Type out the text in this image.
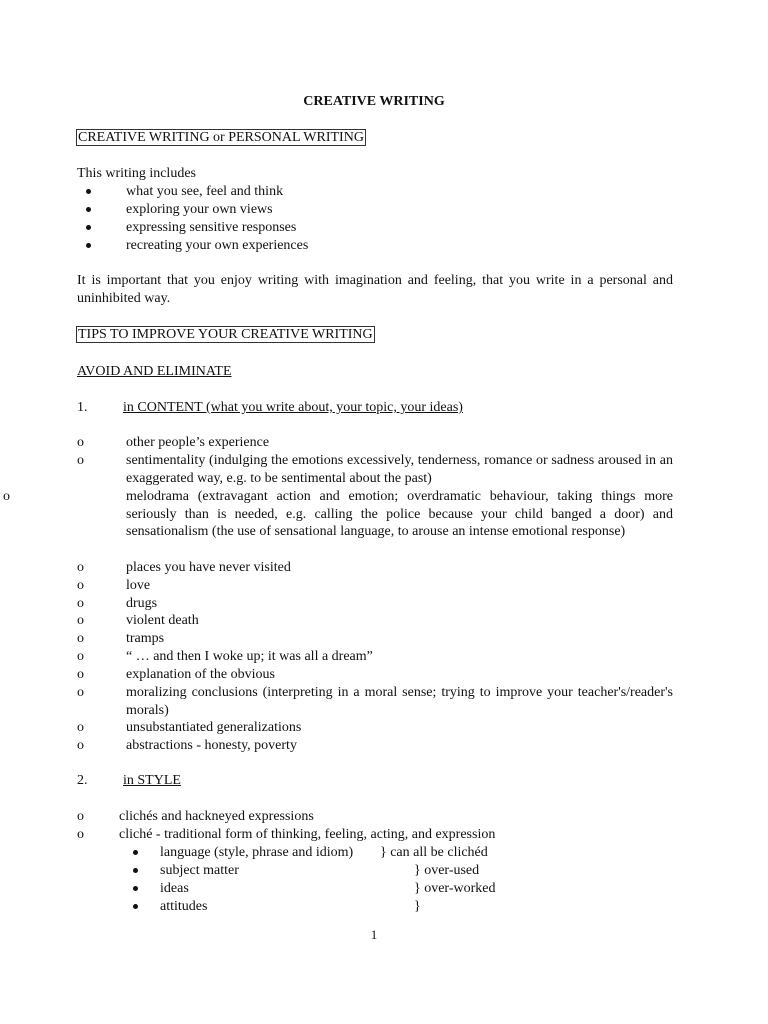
CREATIVE WRITING
CREATIVE WRITING or PERSONAL WRITING
This writing includes
what you see, feel and think
exploring your own views
expressing sensitive responses
recreating your own experiences
It is important that you enjoy writing with imagination and feeling, that you write in a personal and uninhibited way.
TIPS TO IMPROVE YOUR CREATIVE WRITING
AVOID AND ELIMINATE
1.	in CONTENT (what you write about, your topic, your ideas)
o	other people’s experience
o	sentimentality (indulging the emotions excessively, tenderness, romance or sadness aroused in an exaggerated way, e.g. to be sentimental about the past)
o	melodrama (extravagant action and emotion; overdramatic behaviour, taking things more seriously than is needed, e.g. calling the police because your child banged a door) and sensationalism (the use of sensational language, to arouse an intense emotional response)
o	places you have never visited
o	love
o	drugs
o	violent death
o	tramps
o	“ … and then I woke up; it was all a dream”
o	explanation of the obvious
o	moralizing conclusions (interpreting in a moral sense; trying to improve your teacher's/reader's morals)
o	unsubstantiated generalizations
o	abstractions - honesty, poverty
2.	in STYLE
o	clichés and hackneyed expressions
o	cliché - traditional form of thinking, feeling, acting, and expression
language (style, phrase and idiom) } can all be clichéd
subject matter	} over-used
ideas	} over-worked
attitudes	}
1
